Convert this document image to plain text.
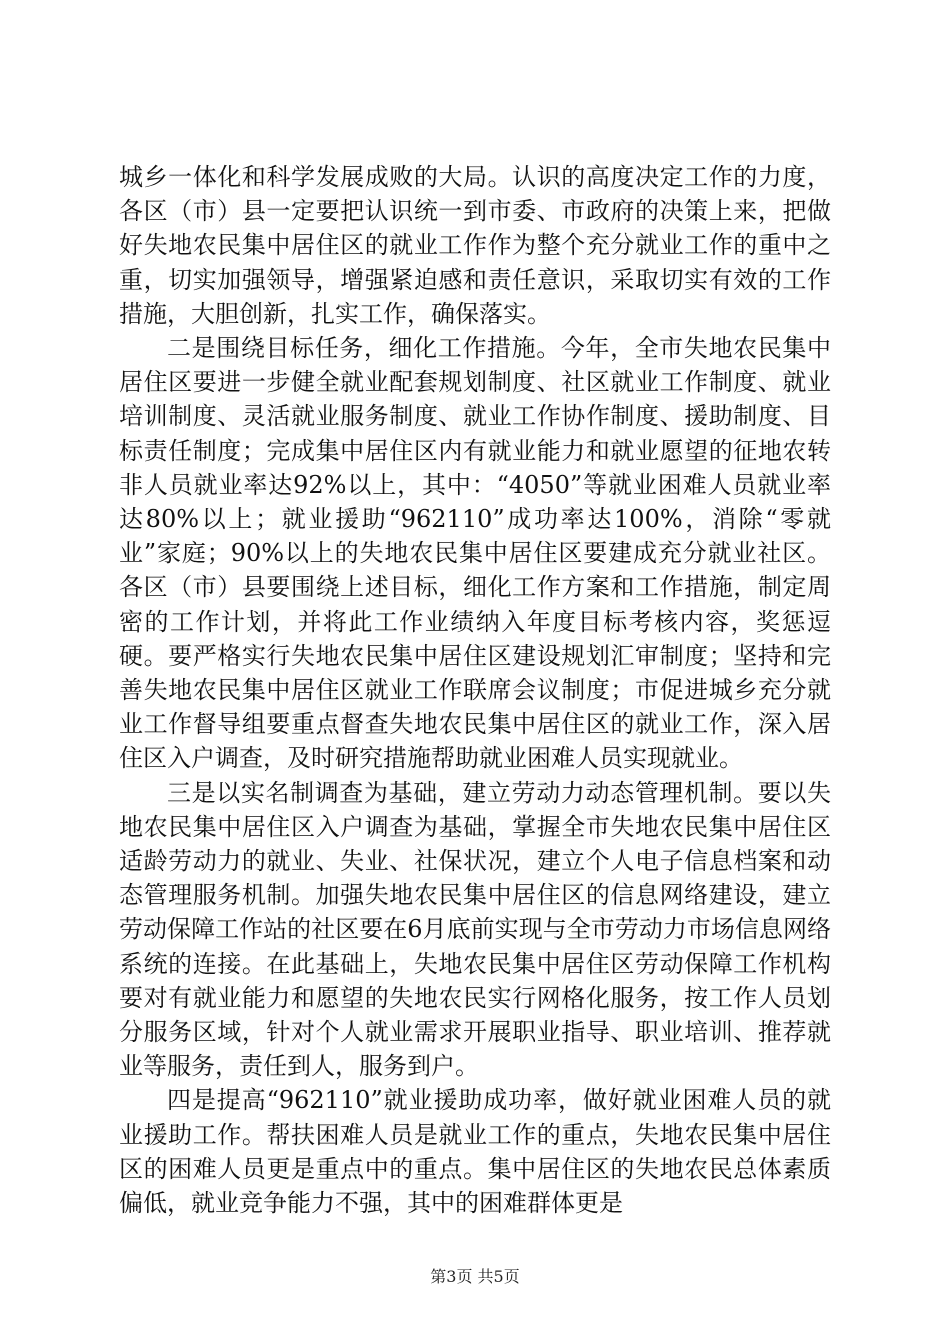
城乡一体化和科学发展成败的大局。认识的高度决定工作的力度，各区（市）县一定要把认识统一到市委、市政府的决策上来，把做好失地农民集中居住区的就业工作作为整个充分就业工作的重中之重，切实加强领导，增强紧迫感和责任意识，采取切实有效的工作措施，大胆创新，扎实工作，确保落实。

二是围绕目标任务，细化工作措施。今年，全市失地农民集中居住区要进一步健全就业配套规划制度、社区就业工作制度、就业培训制度、灵活就业服务制度、就业工作协作制度、援助制度、目标责任制度；完成集中居住区内有就业能力和就业愿望的征地农转非人员就业率达92%以上，其中：“4050”等就业困难人员就业率达80%以上；就业援助“962110”成功率达100%，消除“零就业”家庭；90%以上的失地农民集中居住区要建成充分就业社区。各区（市）县要围绕上述目标，细化工作方案和工作措施，制定周密的工作计划，并将此工作业绩纳入年度目标考核内容，奖惩逗硬。要严格实行失地农民集中居住区建设规划汇审制度；坚持和完善失地农民集中居住区就业工作联席会议制度；市促进城乡充分就业工作督导组要重点督查失地农民集中居住区的就业工作，深入居住区入户调查，及时研究措施帮助就业困难人员实现就业。

三是以实名制调查为基础，建立劳动力动态管理机制。要以失地农民集中居住区入户调查为基础，掌握全市失地农民集中居住区适龄劳动力的就业、失业、社保状况，建立个人电子信息档案和动态管理服务机制。加强失地农民集中居住区的信息网络建设，建立劳动保障工作站的社区要在6月底前实现与全市劳动力市场信息网络系统的连接。在此基础上，失地农民集中居住区劳动保障工作机构要对有就业能力和愿望的失地农民实行网格化服务，按工作人员划分服务区域，针对个人就业需求开展职业指导、职业培训、推荐就业等服务，责任到人，服务到户。

四是提高“962110”就业援助成功率，做好就业困难人员的就业援助工作。帮扶困难人员是就业工作的重点，失地农民集中居住区的困难人员更是重点中的重点。集中居住区的失地农民总体素质偏低，就业竞争能力不强，其中的困难群体更是

第3页 共5页
